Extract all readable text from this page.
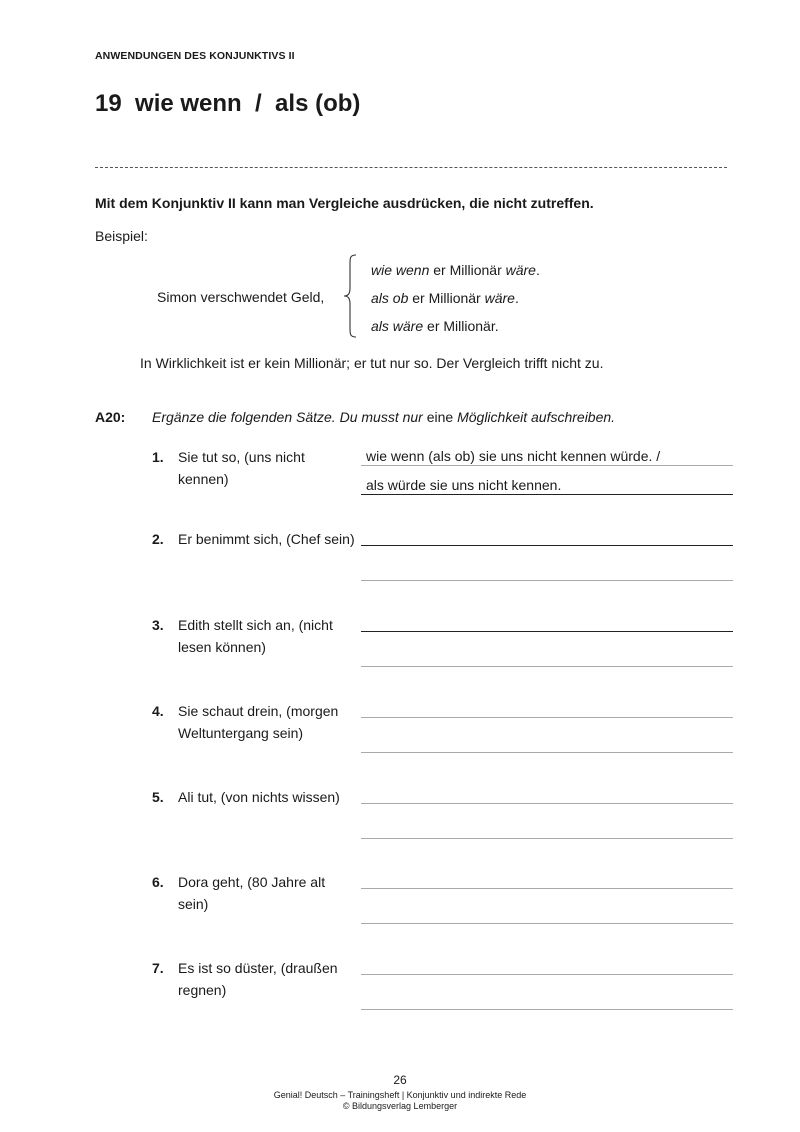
ANWENDUNGEN DES KONJUNKTIVS II
19  wie wenn  /  als (ob)
Mit dem Konjunktiv II kann man Vergleiche ausdrücken, die nicht zutreffen.
Beispiel:
Simon verschwendet Geld,
wie wenn er Millionär wäre.
als ob er Millionär wäre.
als wäre er Millionär.
In Wirklichkeit ist er kein Millionär; er tut nur so. Der Vergleich trifft nicht zu.
A20: Ergänze die folgenden Sätze. Du musst nur eine Möglichkeit aufschreiben.
1. Sie tut so, (uns nicht kennen)
wie wenn (als ob) sie uns nicht kennen würde. /
als würde sie uns nicht kennen.
2. Er benimmt sich, (Chef sein)
3. Edith stellt sich an, (nicht lesen können)
4. Sie schaut drein, (morgen Weltuntergang sein)
5. Ali tut, (von nichts wissen)
6. Dora geht, (80 Jahre alt sein)
7. Es ist so düster, (draußen regnen)
26
Genial! Deutsch – Trainingsheft | Konjunktiv und indirekte Rede
© Bildungsverlag Lemberger
